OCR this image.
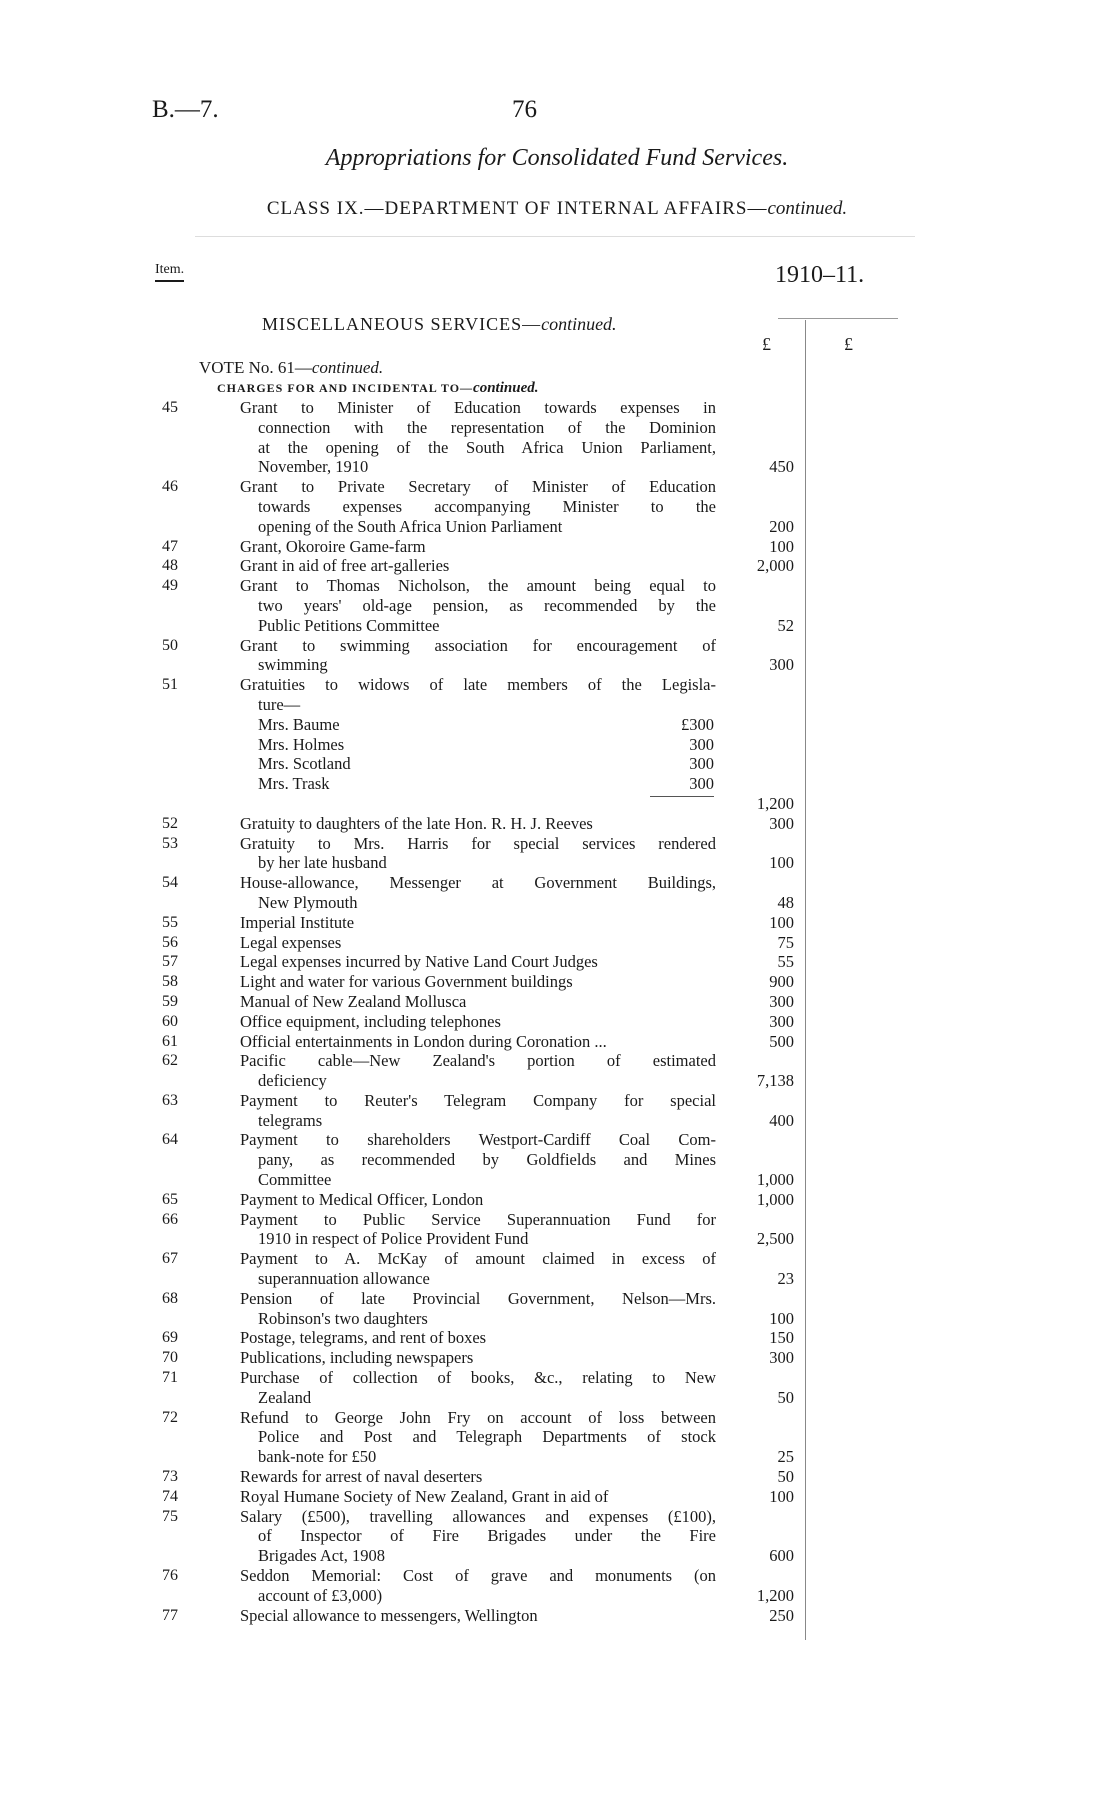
B.—7.	76
Appropriations for Consolidated Fund Services.
CLASS IX.—DEPARTMENT OF INTERNAL AFFAIRS—continued.
Item.	1910–11.
£	£
MISCELLANEOUS SERVICES—continued.
VOTE No. 61—continued.
CHARGES FOR AND INCIDENTAL TO—continued.
45	Grant to Minister of Education towards expenses in
connection with the representation of the Dominion
at the opening of the South Africa Union Parliament,
November, 1910	450
46	Grant to Private Secretary of Minister of Education
towards expenses accompanying Minister to the
opening of the South Africa Union Parliament	200
47	Grant, Okoroire Game-farm	100
48	Grant in aid of free art-galleries	2,000
49	Grant to Thomas Nicholson, the amount being equal to
two years' old-age pension, as recommended by the
Public Petitions Committee	52
50	Grant to swimming association for encouragement of
swimming	300
51	Gratuities to widows of late members of the Legisla-
ture—
Mrs. Baume	£300
Mrs. Holmes	300
Mrs. Scotland	300
Mrs. Trask	300
1,200
52	Gratuity to daughters of the late Hon. R. H. J. Reeves	300
53	Gratuity to Mrs. Harris for special services rendered
by her late husband	100
54	House-allowance, Messenger at Government Buildings,
New Plymouth	48
55	Imperial Institute	100
56	Legal expenses	75
57	Legal expenses incurred by Native Land Court Judges	55
58	Light and water for various Government buildings	900
59	Manual of New Zealand Mollusca	300
60	Office equipment, including telephones	300
61	Official entertainments in London during Coronation ...	500
62	Pacific cable—New Zealand's portion of estimated
deficiency	7,138
63	Payment to Reuter's Telegram Company for special
telegrams	400
64	Payment to shareholders Westport-Cardiff Coal Com-
pany, as recommended by Goldfields and Mines
Committee	1,000
65	Payment to Medical Officer, London	1,000
66	Payment to Public Service Superannuation Fund for
1910 in respect of Police Provident Fund	2,500
67	Payment to A. McKay of amount claimed in excess of
superannuation allowance	23
68	Pension of late Provincial Government, Nelson—Mrs.
Robinson's two daughters	100
69	Postage, telegrams, and rent of boxes	150
70	Publications, including newspapers	300
71	Purchase of collection of books, &c., relating to New
Zealand	50
72	Refund to George John Fry on account of loss between
Police and Post and Telegraph Departments of stock
bank-note for £50	25
73	Rewards for arrest of naval deserters	50
74	Royal Humane Society of New Zealand, Grant in aid of	100
75	Salary (£500), travelling allowances and expenses (£100),
of Inspector of Fire Brigades under the Fire
Brigades Act, 1908	600
76	Seddon Memorial: Cost of grave and monuments (on
account of £3,000)	1,200
77	Special allowance to messengers, Wellington	250
